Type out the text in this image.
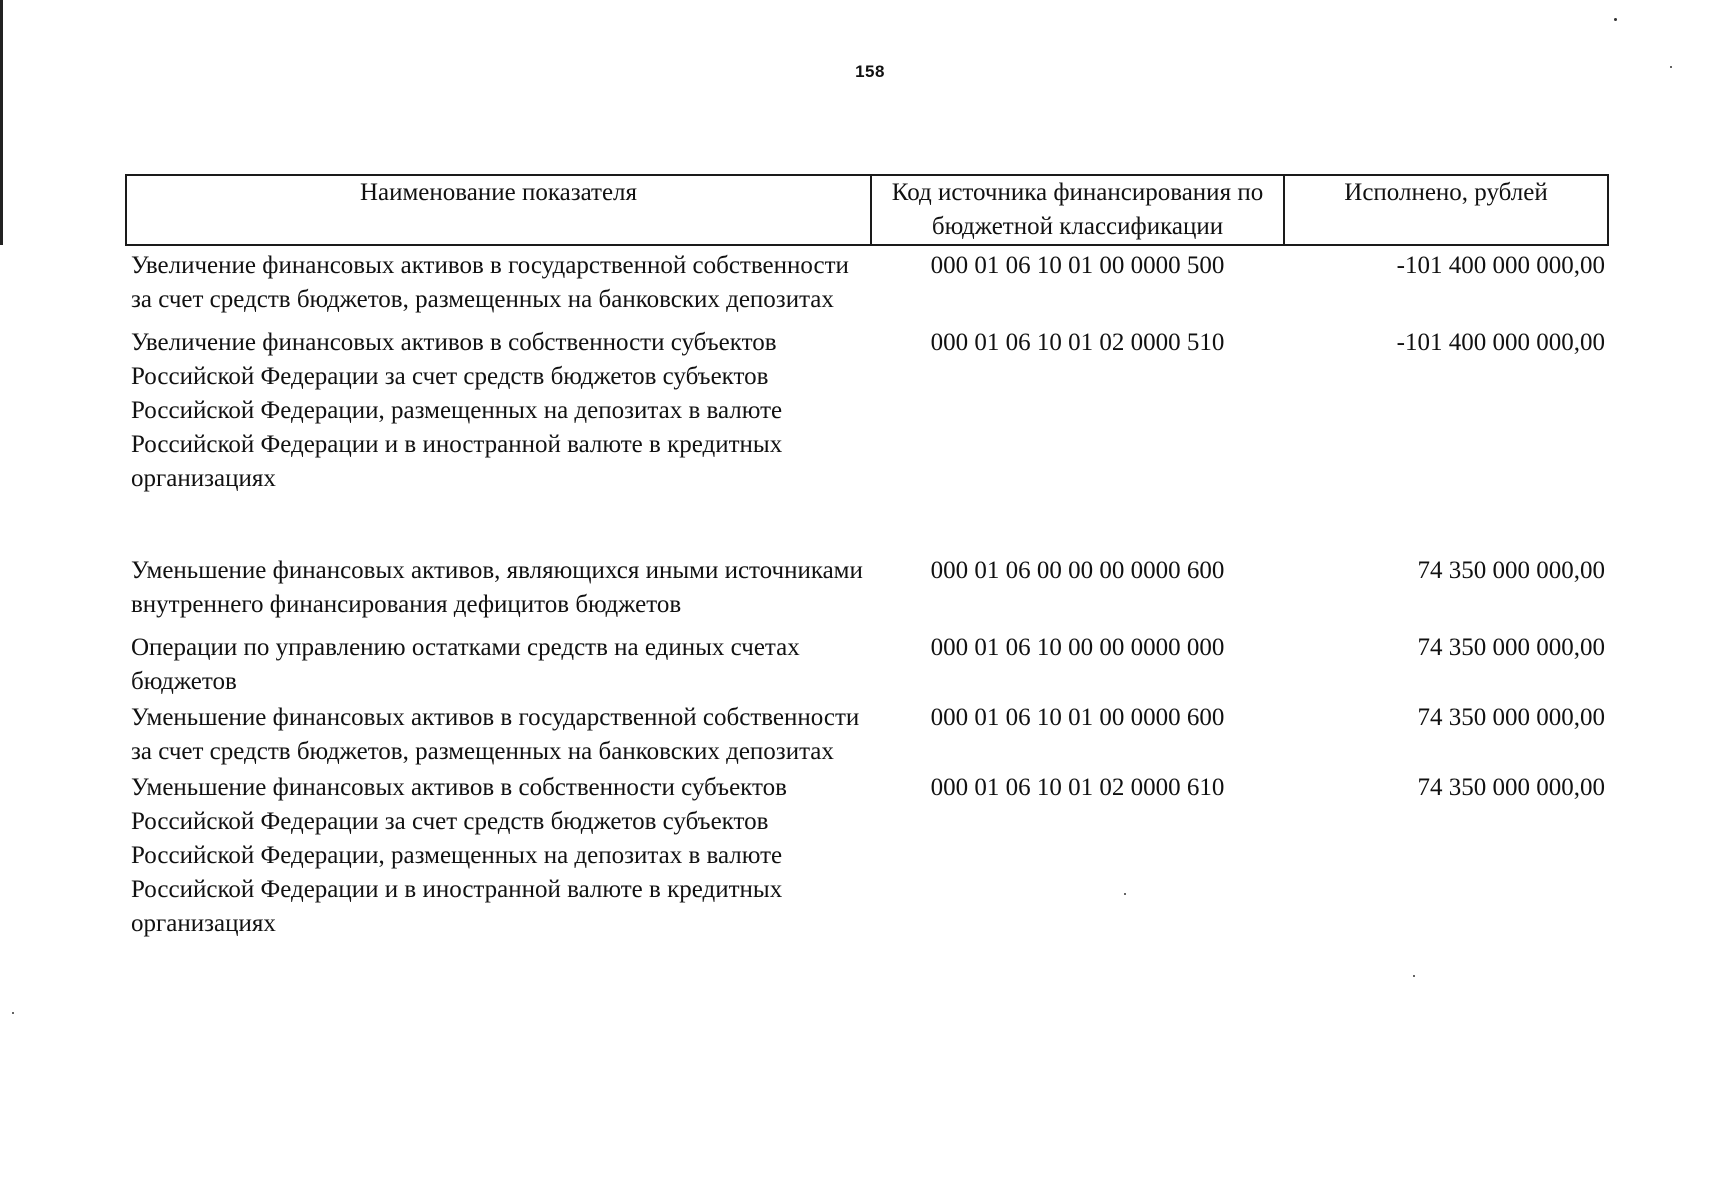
158
Наименование показателя	Код источника финансирования по бюджетной классификации	Исполнено, рублей
Увеличение финансовых активов в государственной собственности за счет средств бюджетов, размещенных на банковских депозитах	000 01 06 10 01 00 0000 500	-101 400 000 000,00
Увеличение финансовых активов в собственности субъектов Российской Федерации за счет средств бюджетов субъектов Российской Федерации, размещенных на депозитах в валюте Российской Федерации и в иностранной валюте в кредитных организациях	000 01 06 10 01 02 0000 510	-101 400 000 000,00
Уменьшение финансовых активов, являющихся иными источниками внутреннего финансирования дефицитов бюджетов	000 01 06 00 00 00 0000 600	74 350 000 000,00
Операции по управлению остатками средств на единых счетах бюджетов	000 01 06 10 00 00 0000 000	74 350 000 000,00
Уменьшение финансовых активов в государственной собственности за счет средств бюджетов, размещенных на банковских депозитах	000 01 06 10 01 00 0000 600	74 350 000 000,00
Уменьшение финансовых активов в собственности субъектов Российской Федерации за счет средств бюджетов субъектов Российской Федерации, размещенных на депозитах в валюте Российской Федерации и в иностранной валюте в кредитных организациях	000 01 06 10 01 02 0000 610	74 350 000 000,00
